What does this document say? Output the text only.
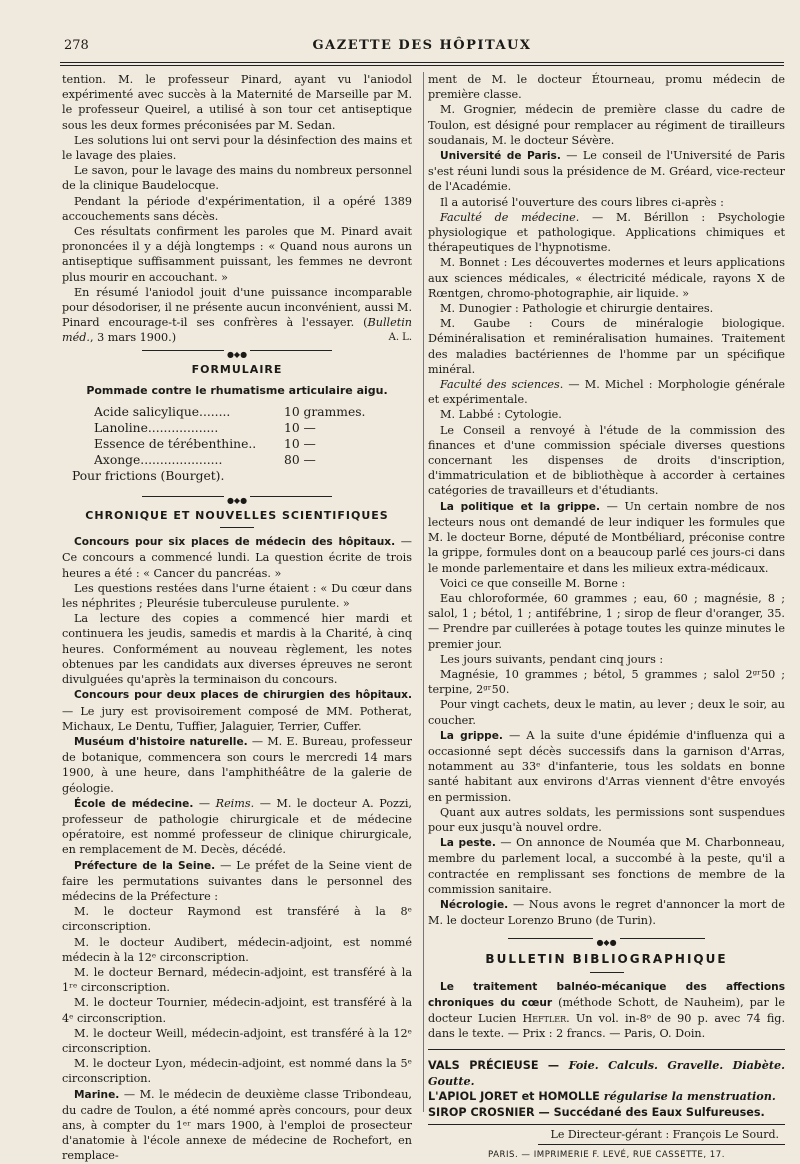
278	GAZETTE DES HÔPITAUX

tention. M. le professeur Pinard, ayant vu l'aniodol expérimenté avec succès à la Maternité de Marseille par M. le professeur Queirel, a utilisé à son tour cet antiseptique sous les deux formes préconisées par M. Sedan.

Les solutions lui ont servi pour la désinfection des mains et le lavage des plaies.

Le savon, pour le lavage des mains du nombreux personnel de la clinique Baudelocque.

Pendant la période d'expérimentation, il a opéré 1389 accouchements sans décès.

Ces résultats confirment les paroles que M. Pinard avait prononcées il y a déjà longtemps : « Quand nous aurons un antiseptique suffisamment puissant, les femmes ne devront plus mourir en accouchant. »

En résumé l'aniodol jouit d'une puissance incomparable pour désodoriser, il ne présente aucun inconvénient, aussi M. Pinard encourage-t-il ses confrères à l'essayer. (Bulletin méd., 3 mars 1900.)	A. L.

●◆●
FORMULAIRE
Pommade contre le rhumatisme articulaire aigu.
Acide salicylique........	10 grammes.
Lanoline..................	10 —
Essence de térébenthine..	10 —
Axonge.....................	80 —

Pour frictions (Bourget).

●◆●
CHRONIQUE ET NOUVELLES SCIENTIFIQUES

Concours pour six places de médecin des hôpitaux. — Ce concours a commencé lundi. La question écrite de trois heures a été : « Cancer du pancréas. »

Les questions restées dans l'urne étaient : « Du cœur dans les néphrites ; Pleurésie tuberculeuse purulente. »

La lecture des copies a commencé hier mardi et continuera les jeudis, samedis et mardis à la Charité, à cinq heures. Conformément au nouveau règlement, les notes obtenues par les candidats aux diverses épreuves ne seront divulguées qu'après la terminaison du concours.

Concours pour deux places de chirurgien des hôpitaux. — Le jury est provisoirement composé de MM. Potherat, Michaux, Le Dentu, Tuffier, Jalaguier, Terrier, Cuffer.

Muséum d'histoire naturelle. — M. E. Bureau, professeur de botanique, commencera son cours le mercredi 14 mars 1900, à une heure, dans l'amphithéâtre de la galerie de géologie.

École de médecine. — Reims. — M. le docteur A. Pozzi, professeur de pathologie chirurgicale et de médecine opératoire, est nommé professeur de clinique chirurgicale, en remplacement de M. Decès, décédé.

Préfecture de la Seine. — Le préfet de la Seine vient de faire les permutations suivantes dans le personnel des médecins de la Préfecture :

M. le docteur Raymond est transféré à la 8ᵉ circonscription.

M. le docteur Audibert, médecin-adjoint, est nommé médecin à la 12ᵉ circonscription.

M. le docteur Bernard, médecin-adjoint, est transféré à la 1ʳᵉ circonscription.

M. le docteur Tournier, médecin-adjoint, est transféré à la 4ᵉ circonscription.

M. le docteur Weill, médecin-adjoint, est transféré à la 12ᵉ circonscription.

M. le docteur Lyon, médecin-adjoint, est nommé dans la 5ᵉ circonscription.

Marine. — M. le médecin de deuxième classe Tribondeau, du cadre de Toulon, a été nommé après concours, pour deux ans, à compter du 1ᵉʳ mars 1900, à l'emploi de prosecteur d'anatomie à l'école annexe de médecine de Rochefort, en remplace-

ment de M. le docteur Étourneau, promu médecin de première classe.

M. Grognier, médecin de première classe du cadre de Toulon, est désigné pour remplacer au régiment de tirailleurs soudanais, M. le docteur Sévère.

Université de Paris. — Le conseil de l'Université de Paris s'est réuni lundi sous la présidence de M. Gréard, vice-recteur de l'Académie.

Il a autorisé l'ouverture des cours libres ci-après :

Faculté de médecine. — M. Bérillon : Psychologie physiologique et pathologique. Applications chimiques et thérapeutiques de l'hypnotisme.

M. Bonnet : Les découvertes modernes et leurs applications aux sciences médicales, « électricité médicale, rayons X de Rœntgen, chromo-photographie, air liquide. »

M. Dunogier : Pathologie et chirurgie dentaires.

M. Gaube : Cours de minéralogie biologique. Déminéralisation et reminéralisation humaines. Traitement des maladies bactériennes de l'homme par un spécifique minéral.

Faculté des sciences. — M. Michel : Morphologie générale et expérimentale.

M. Labbé : Cytologie.

Le Conseil a renvoyé à l'étude de la commission des finances et d'une commission spéciale diverses questions concernant les dispenses de droits d'inscription, d'immatriculation et de bibliothèque à accorder à certaines catégories de travailleurs et d'étudiants.

La politique et la grippe. — Un certain nombre de nos lecteurs nous ont demandé de leur indiquer les formules que M. le docteur Borne, député de Montbéliard, préconise contre la grippe, formules dont on a beaucoup parlé ces jours-ci dans le monde parlementaire et dans les milieux extra-médicaux.

Voici ce que conseille M. Borne :

Eau chloroformée, 60 grammes ; eau, 60 ; magnésie, 8 ; salol, 1 ; bétol, 1 ; antifébrine, 1 ; sirop de fleur d'oranger, 35. — Prendre par cuillerées à potage toutes les quinze minutes le premier jour.

Les jours suivants, pendant cinq jours :

Magnésie, 10 grammes ; bétol, 5 grammes ; salol 2ᵍʳ50 ; terpine, 2ᵍʳ50.

Pour vingt cachets, deux le matin, au lever ; deux le soir, au coucher.

La grippe. — A la suite d'une épidémie d'influenza qui a occasionné sept décès successifs dans la garnison d'Arras, notamment au 33ᵉ d'infanterie, tous les soldats en bonne santé habitant aux environs d'Arras viennent d'être envoyés en permission.

Quant aux autres soldats, les permissions sont suspendues pour eux jusqu'à nouvel ordre.

La peste. — On annonce de Nouméa que M. Charbonneau, membre du parlement local, a succombé à la peste, qu'il a contractée en remplissant ses fonctions de membre de la commission sanitaire.

Nécrologie. — Nous avons le regret d'annoncer la mort de M. le docteur Lorenzo Bruno (de Turin).

●◆●
BULLETIN BIBLIOGRAPHIQUE

Le traitement balnéo-mécanique des affections chroniques du cœur (méthode Schott, de Nauheim), par le docteur Lucien Heftler. Un vol. in-8ᵒ de 90 p. avec 74 fig. dans le texte. — Prix : 2 francs. — Paris, O. Doin.

VALS PRÉCIEUSE — Foie. Calculs. Gravelle. Diabète. Goutte.
L'APIOL JORET et HOMOLLE régularise la menstruation.
SIROP CROSNIER — Succédané des Eaux Sulfureuses.
Le Directeur-gérant : François Le Sourd.
PARIS. — IMPRIMERIE F. LEVÉ, RUE CASSETTE, 17.
